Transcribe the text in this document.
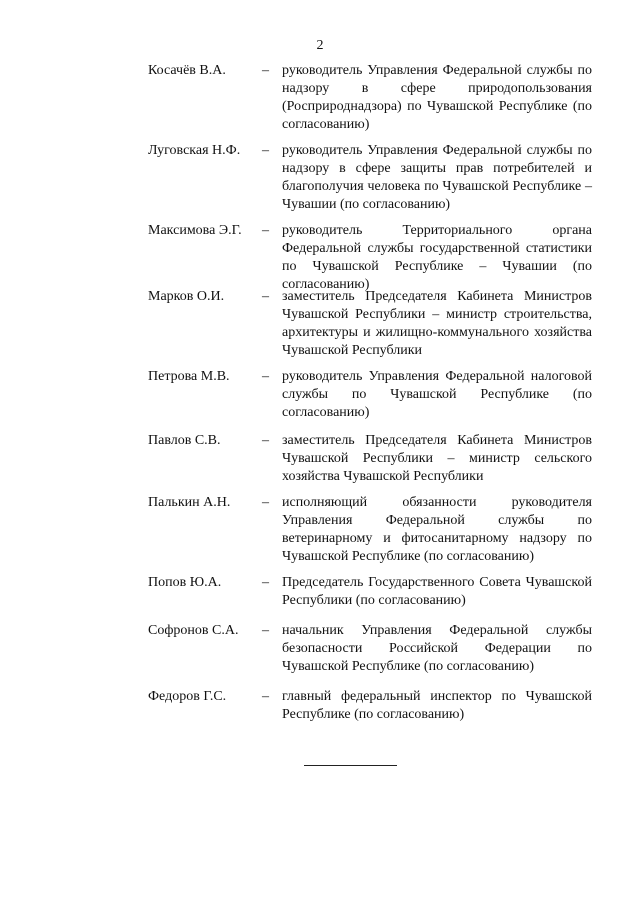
2
Косачёв В.А.	– руководитель Управления Федеральной службы по надзору в сфере природопользования (Росприроднадзора) по Чувашской Республике (по согласованию)
Луговская Н.Ф. – руководитель Управления Федеральной службы по надзору в сфере защиты прав потребителей и благополучия человека по Чувашской Республике – Чувашии (по согласованию)
Максимова Э.Г. – руководитель Территориального органа Федеральной службы государственной статистики по Чувашской Республике – Чувашии (по согласованию)
Марков О.И.	– заместитель Председателя Кабинета Министров Чувашской Республики – министр строительства, архитектуры и жилищно-коммунального хозяйства Чувашской Республики
Петрова М.В. – руководитель Управления Федеральной налоговой службы по Чувашской Республике (по согласованию)
Павлов С.В.	– заместитель Председателя Кабинета Министров Чувашской Республики – министр сельского хозяйства Чувашской Республики
Палькин А.Н. – исполняющий обязанности руководителя Управления Федеральной службы по ветеринарному и фитосанитарному надзору по Чувашской Республике (по согласованию)
Попов Ю.А.	– Председатель Государственного Совета Чувашской Республики (по согласованию)
Софронов С.А. – начальник Управления Федеральной службы безопасности Российской Федерации по Чувашской Республике (по согласованию)
Федоров Г.С.	– главный федеральный инспектор по Чувашской Республике (по согласованию)
